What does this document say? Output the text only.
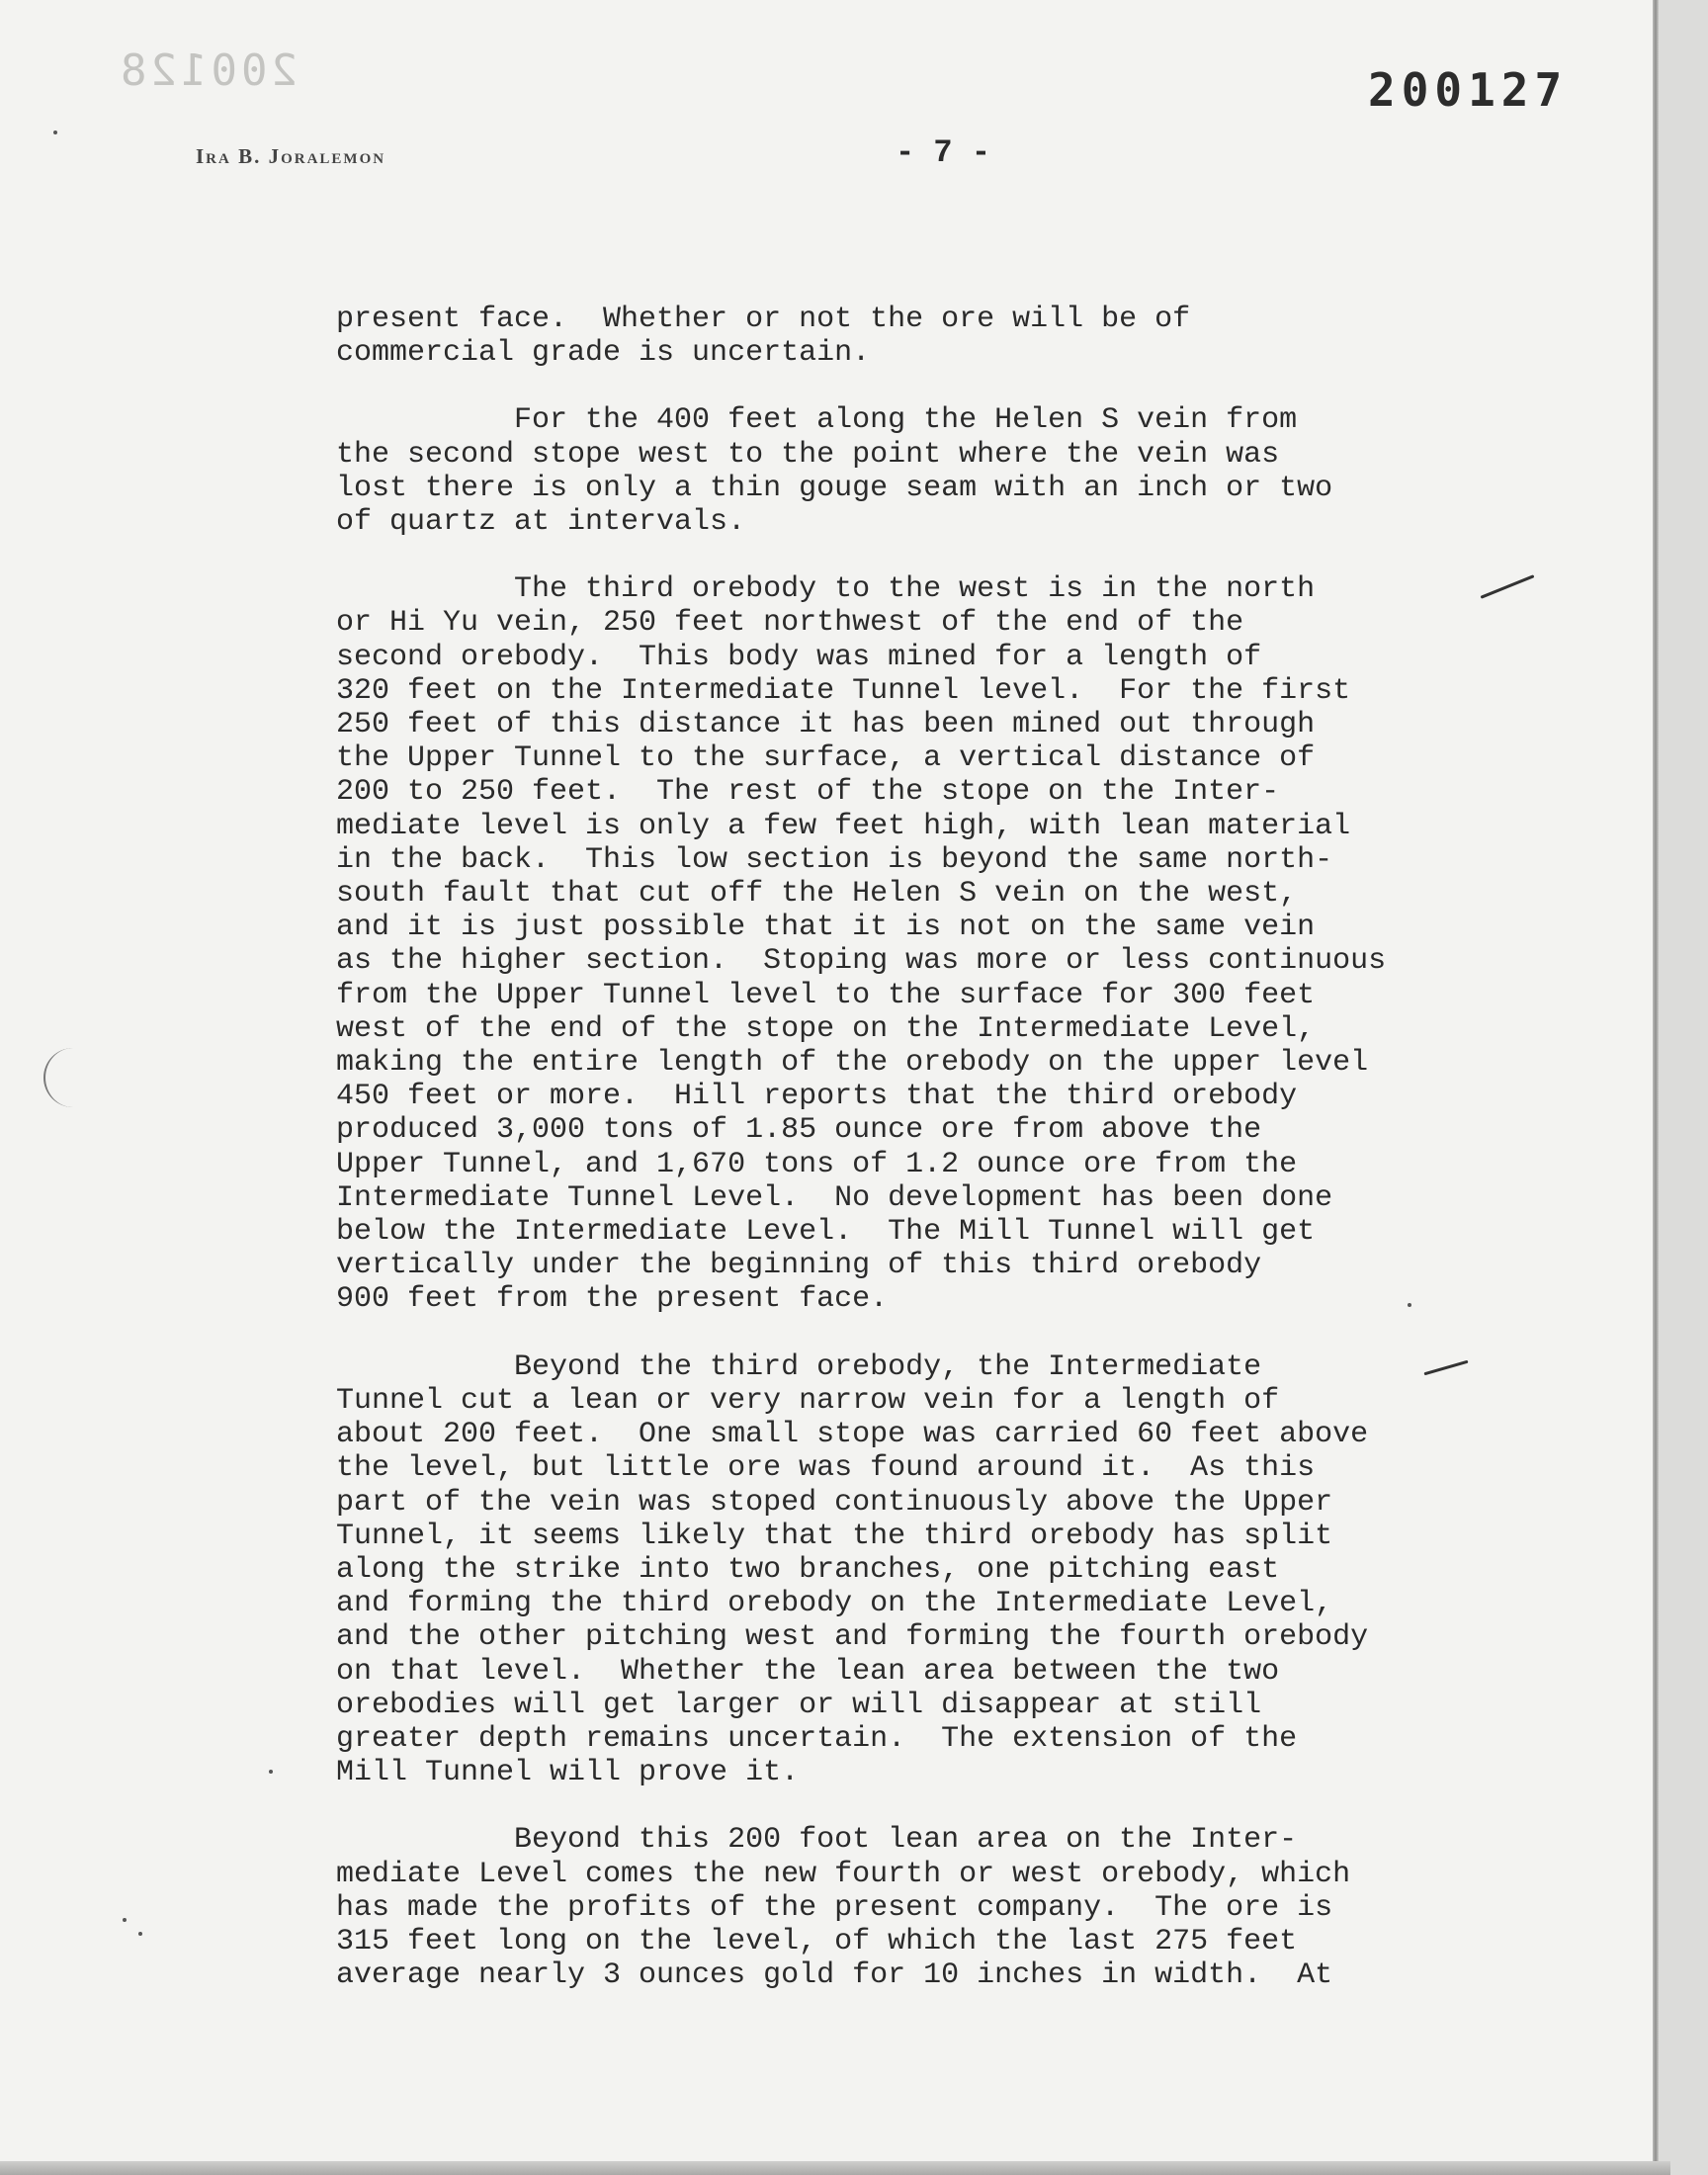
200128	200127
Ira B. Joralemon	- 7 -
present face.  Whether or not the ore will be of
commercial grade is uncertain.
For the 400 feet along the Helen S vein from
the second stope west to the point where the vein was
lost there is only a thin gouge seam with an inch or two
of quartz at intervals.
The third orebody to the west is in the north
or Hi Yu vein, 250 feet northwest of the end of the
second orebody.  This body was mined for a length of
320 feet on the Intermediate Tunnel level.  For the first
250 feet of this distance it has been mined out through
the Upper Tunnel to the surface, a vertical distance of
200 to 250 feet.  The rest of the stope on the Inter-
mediate level is only a few feet high, with lean material
in the back.  This low section is beyond the same north-
south fault that cut off the Helen S vein on the west,
and it is just possible that it is not on the same vein
as the higher section.  Stoping was more or less continuous
from the Upper Tunnel level to the surface for 300 feet
west of the end of the stope on the Intermediate Level,
making the entire length of the orebody on the upper level
450 feet or more.  Hill reports that the third orebody
produced 3,000 tons of 1.85 ounce ore from above the
Upper Tunnel, and 1,670 tons of 1.2 ounce ore from the
Intermediate Tunnel Level.  No development has been done
below the Intermediate Level.  The Mill Tunnel will get
vertically under the beginning of this third orebody
900 feet from the present face.
Beyond the third orebody, the Intermediate
Tunnel cut a lean or very narrow vein for a length of
about 200 feet.  One small stope was carried 60 feet above
the level, but little ore was found around it.  As this
part of the vein was stoped continuously above the Upper
Tunnel, it seems likely that the third orebody has split
along the strike into two branches, one pitching east
and forming the third orebody on the Intermediate Level,
and the other pitching west and forming the fourth orebody
on that level.  Whether the lean area between the two
orebodies will get larger or will disappear at still
greater depth remains uncertain.  The extension of the
Mill Tunnel will prove it.
Beyond this 200 foot lean area on the Inter-
mediate Level comes the new fourth or west orebody, which
has made the profits of the present company.  The ore is
315 feet long on the level, of which the last 275 feet
average nearly 3 ounces gold for 10 inches in width.  At
